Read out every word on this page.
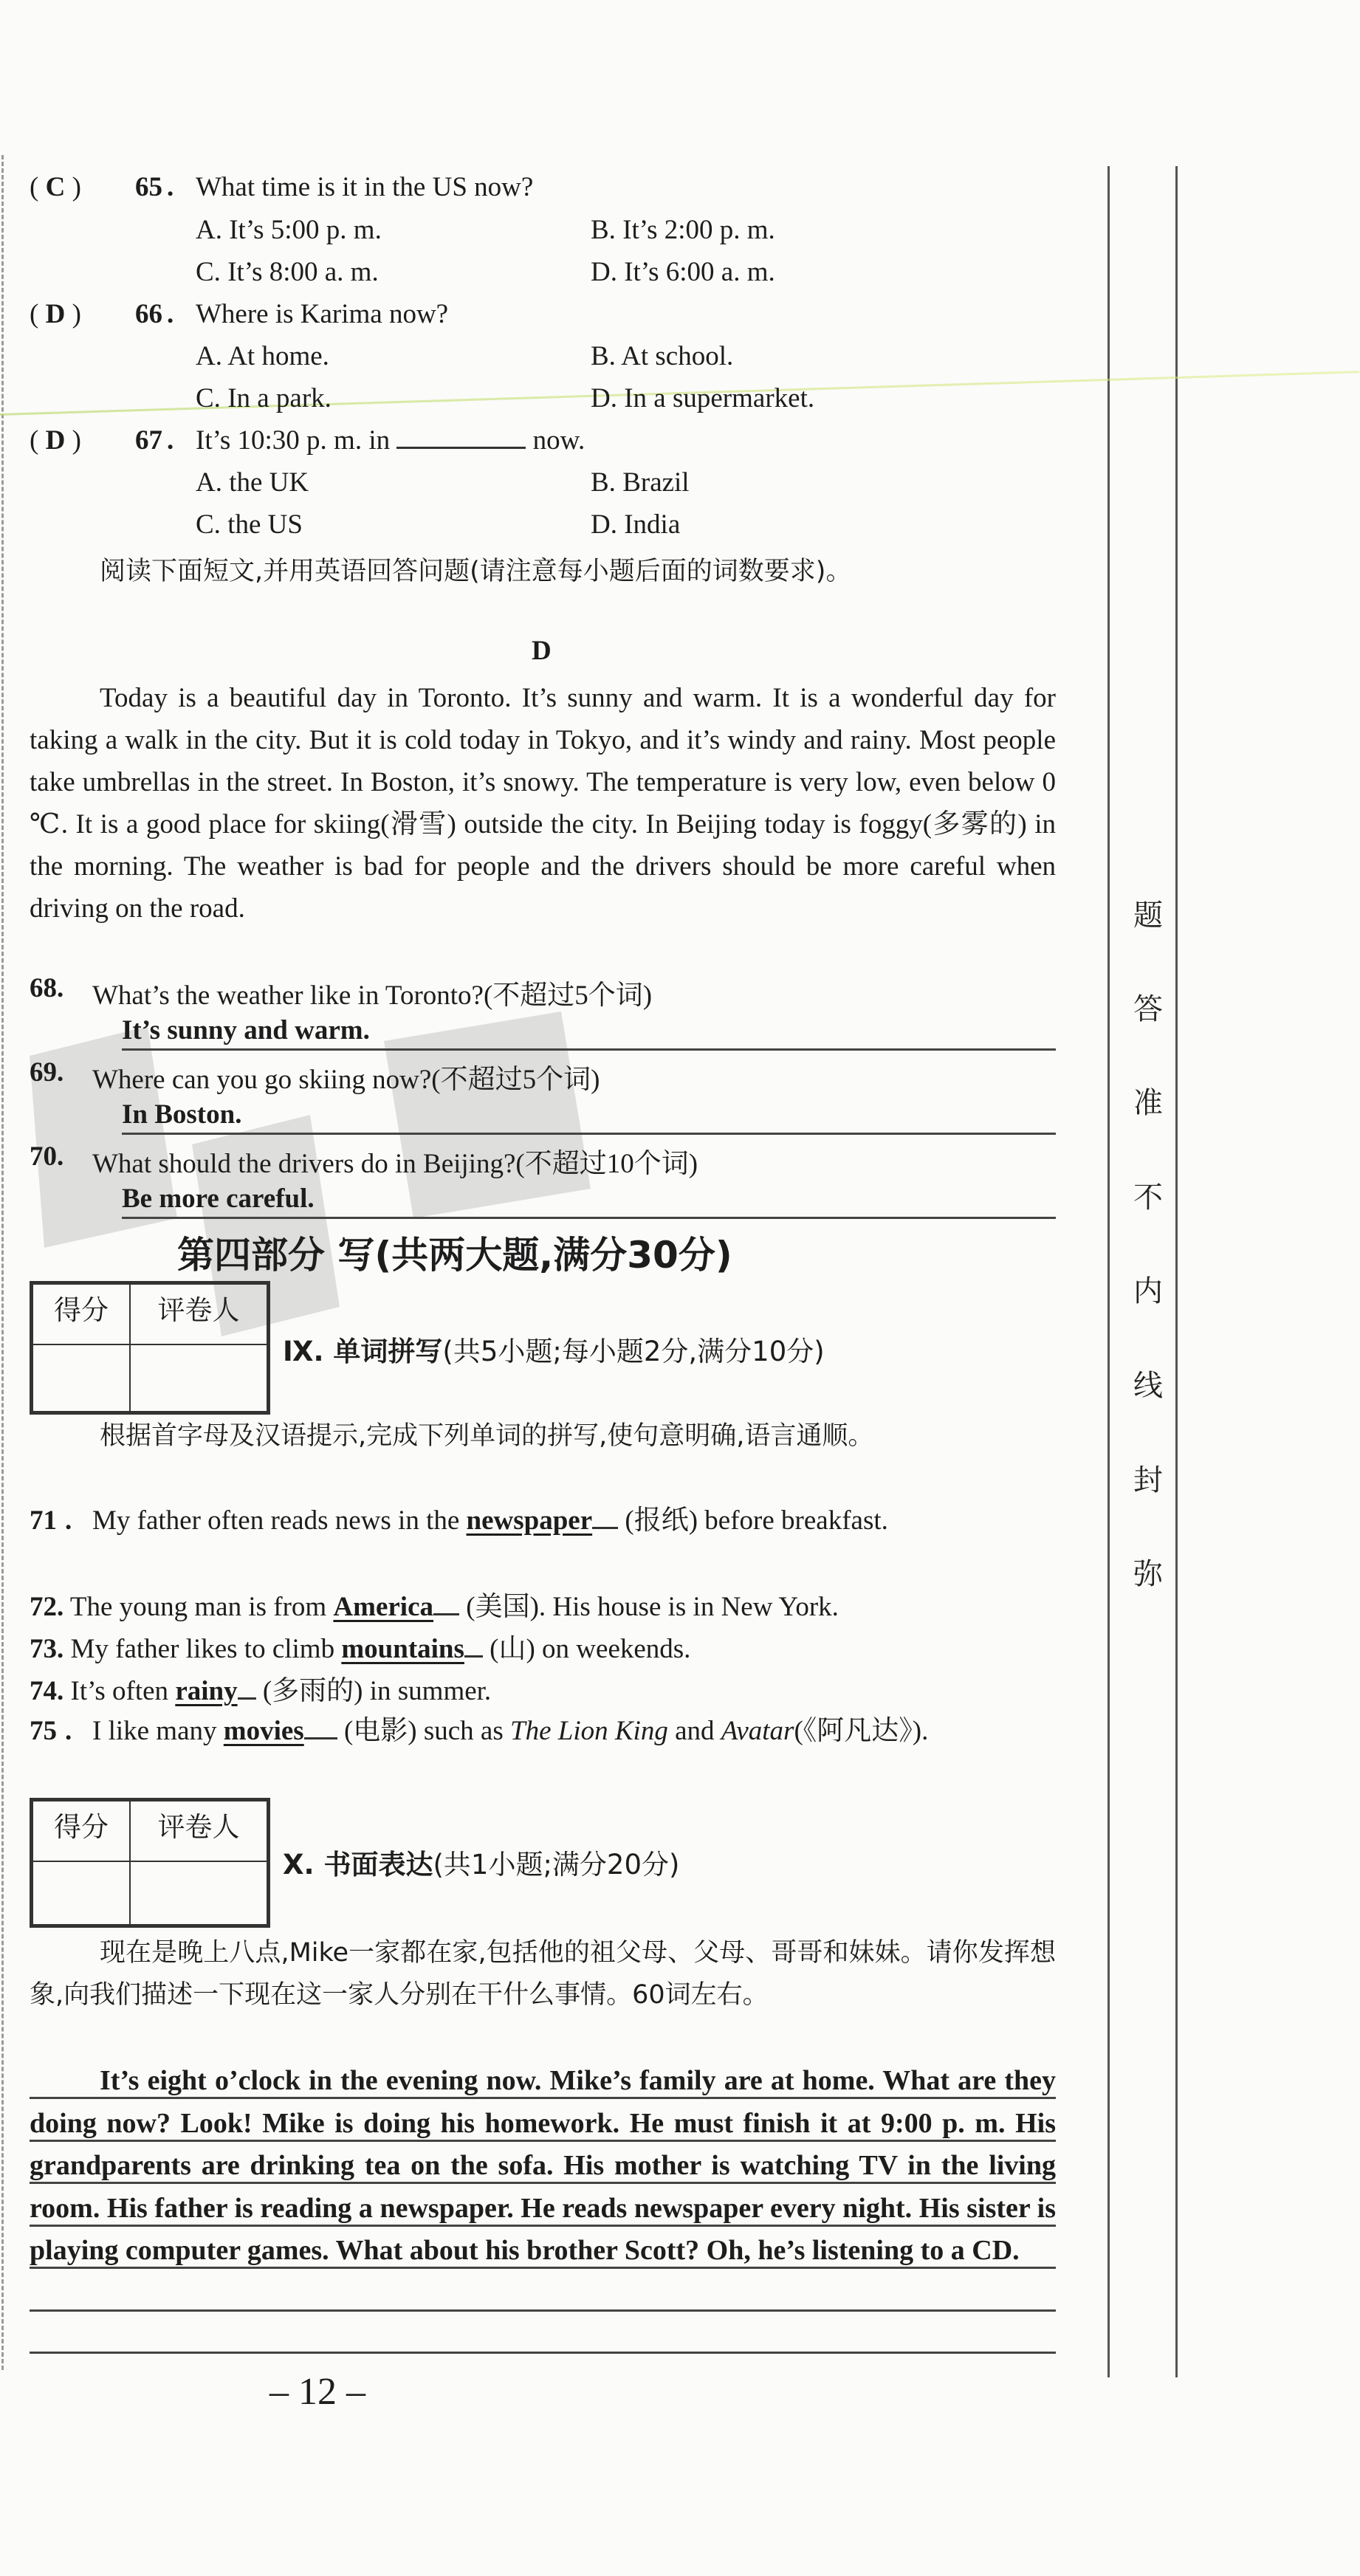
题
答
准
不
内
线
封
弥
( C ) 65 . What time is it in the US now?
A. It’s 5:00 p. m.	B. It’s 2:00 p. m.
C. It’s 8:00 a. m.	D. It’s 6:00 a. m.
( D ) 66 . Where is Karima now?
A. At home.	B. At school.
C. In a park.	D. In a supermarket.
( D ) 67 . It’s 10:30 p. m. in	now.
A. the UK	B. Brazil
C. the US	D. India
阅读下面短文,并用英语回答问题(请注意每小题后面的词数要求)。
D
Today is a beautiful day in Toronto. It’s sunny and warm. It is a wonderful day for taking a walk in the city. But it is cold today in Tokyo, and it’s windy and rainy. Most people take umbrellas in the street. In Boston, it’s snowy. The temperature is very low, even below 0 ℃. It is a good place for skiing(滑雪) outside the city. In Beijing today is foggy(多雾的) in the morning. The weather is bad for people and the drivers should be more careful when driving on the road.
68. What’s the weather like in Toronto?(不超过5个词)
It’s sunny and warm.
69. Where can you go skiing now?(不超过5个词)
In Boston.
70. What should the drivers do in Beijing?(不超过10个词)
Be more careful.
第四部分 写(共两大题,满分30分)
得分	评卷人
Ⅸ. 单词拼写(共5小题;每小题2分,满分10分)
根据首字母及汉语提示,完成下列单词的拼写,使句意明确,语言通顺。
71 . My father often reads news in the newspaper (报纸) before breakfast.
72. The young man is from America (美国). His house is in New York.
73. My father likes to climb mountains (山) on weekends.
74. It’s often rainy (多雨的) in summer.
75 . I like many movies (电影) such as The Lion King and Avatar(《阿凡达》).
得分	评卷人
Ⅹ. 书面表达(共1小题;满分20分)
现在是晚上八点,Mike一家都在家,包括他的祖父母、父母、哥哥和妹妹。请你发挥想象,向我们描述一下现在这一家人分别在干什么事情。60词左右。
It’s eight o’clock in the evening now. Mike’s family are at home. What are they doing now? Look! Mike is doing his homework. He must finish it at 9:00 p. m. His grandparents are drinking tea on the sofa. His mother is watching TV in the living room. His father is reading a newspaper. He reads newspaper every night. His sister is playing computer games. What about his brother Scott? Oh, he’s listening to a CD.
– 12 –
